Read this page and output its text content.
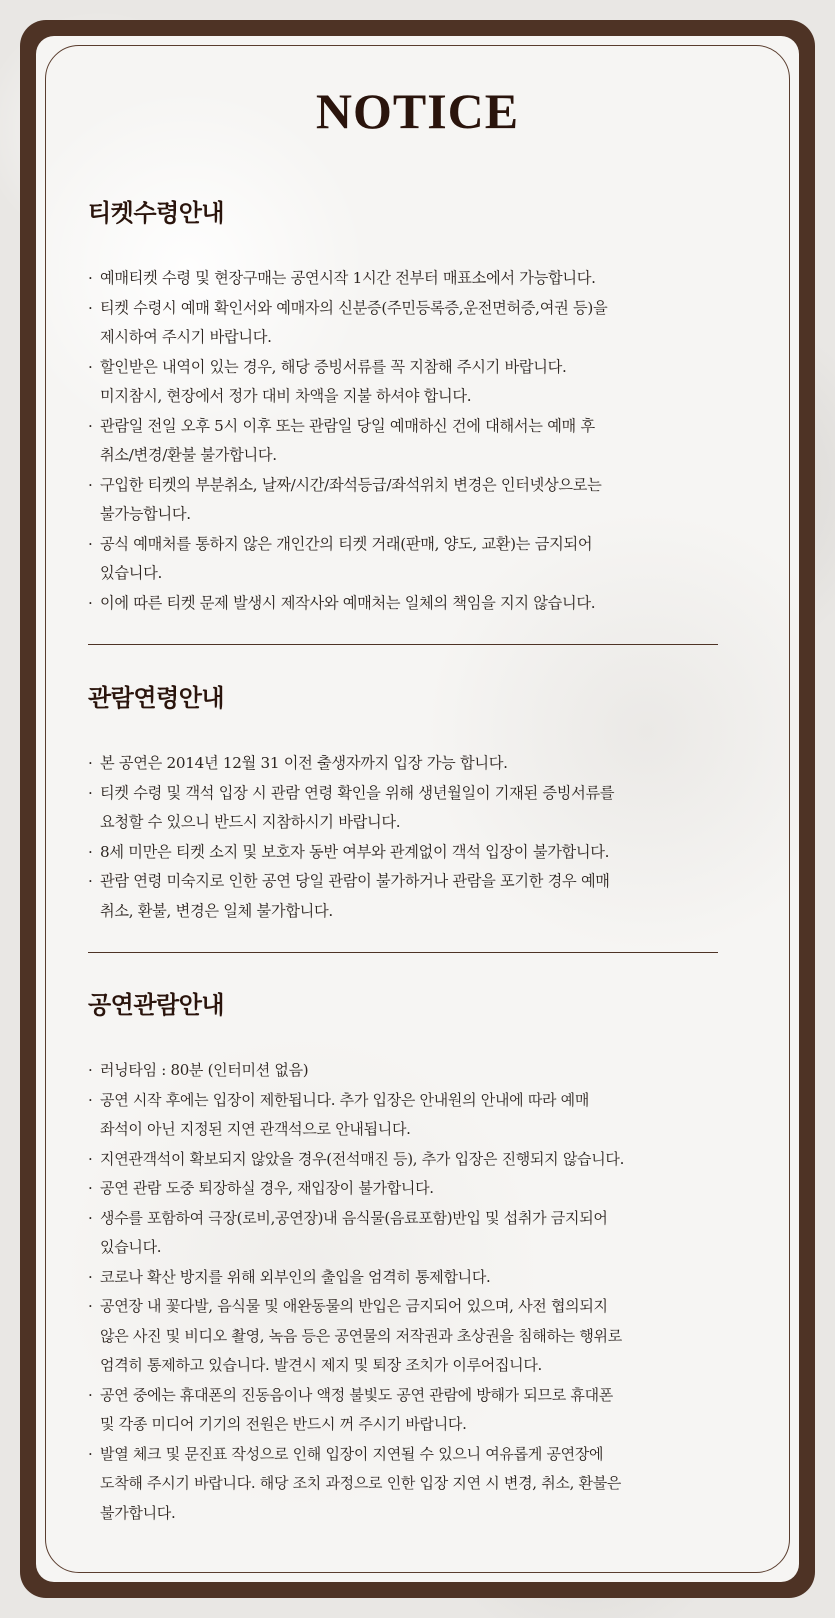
NOTICE
티켓수령안내
· 예매티켓 수령 및 현장구매는 공연시작 1시간 전부터 매표소에서 가능합니다.
· 티켓 수령시 예매 확인서와 예매자의 신분증(주민등록증,운전면허증,여권 등)을
제시하여 주시기 바랍니다.
· 할인받은 내역이 있는 경우, 해당 증빙서류를 꼭 지참해 주시기 바랍니다.
미지참시, 현장에서 정가 대비 차액을 지불 하셔야 합니다.
· 관람일 전일 오후 5시 이후 또는 관람일 당일 예매하신 건에 대해서는 예매 후
취소/변경/환불 불가합니다.
· 구입한 티켓의 부분취소, 날짜/시간/좌석등급/좌석위치 변경은 인터넷상으로는
불가능합니다.
· 공식 예매처를 통하지 않은 개인간의 티켓 거래(판매, 양도, 교환)는 금지되어
있습니다.
· 이에 따른 티켓 문제 발생시 제작사와 예매처는 일체의 책임을 지지 않습니다.
관람연령안내
· 본 공연은 2014년 12월 31 이전 출생자까지 입장 가능 합니다.
· 티켓 수령 및 객석 입장 시 관람 연령 확인을 위해 생년월일이 기재된 증빙서류를
요청할 수 있으니 반드시 지참하시기 바랍니다.
· 8세 미만은 티켓 소지 및 보호자 동반 여부와 관계없이 객석 입장이 불가합니다.
· 관람 연령 미숙지로 인한 공연 당일 관람이 불가하거나 관람을 포기한 경우 예매
취소, 환불, 변경은 일체 불가합니다.
공연관람안내
· 러닝타임 : 80분 (인터미션 없음)
· 공연 시작 후에는 입장이 제한됩니다. 추가 입장은 안내원의 안내에 따라 예매
좌석이 아닌 지정된 지연 관객석으로 안내됩니다.
· 지연관객석이 확보되지 않았을 경우(전석매진 등), 추가 입장은 진행되지 않습니다.
· 공연 관람 도중 퇴장하실 경우, 재입장이 불가합니다.
· 생수를 포함하여 극장(로비,공연장)내 음식물(음료포함)반입 및 섭취가 금지되어
있습니다.
· 코로나 확산 방지를 위해 외부인의 출입을 엄격히 통제합니다.
· 공연장 내 꽃다발, 음식물 및 애완동물의 반입은 금지되어 있으며, 사전 협의되지
않은 사진 및 비디오 촬영, 녹음 등은 공연물의 저작권과 초상권을 침해하는 행위로
엄격히 통제하고 있습니다. 발견시 제지 및 퇴장 조치가 이루어집니다.
· 공연 중에는 휴대폰의 진동음이나 액정 불빛도 공연 관람에 방해가 되므로 휴대폰
및 각종 미디어 기기의 전원은 반드시 꺼 주시기 바랍니다.
· 발열 체크 및 문진표 작성으로 인해 입장이 지연될 수 있으니 여유롭게 공연장에
도착해 주시기 바랍니다. 해당 조치 과정으로 인한 입장 지연 시 변경, 취소, 환불은
불가합니다.
